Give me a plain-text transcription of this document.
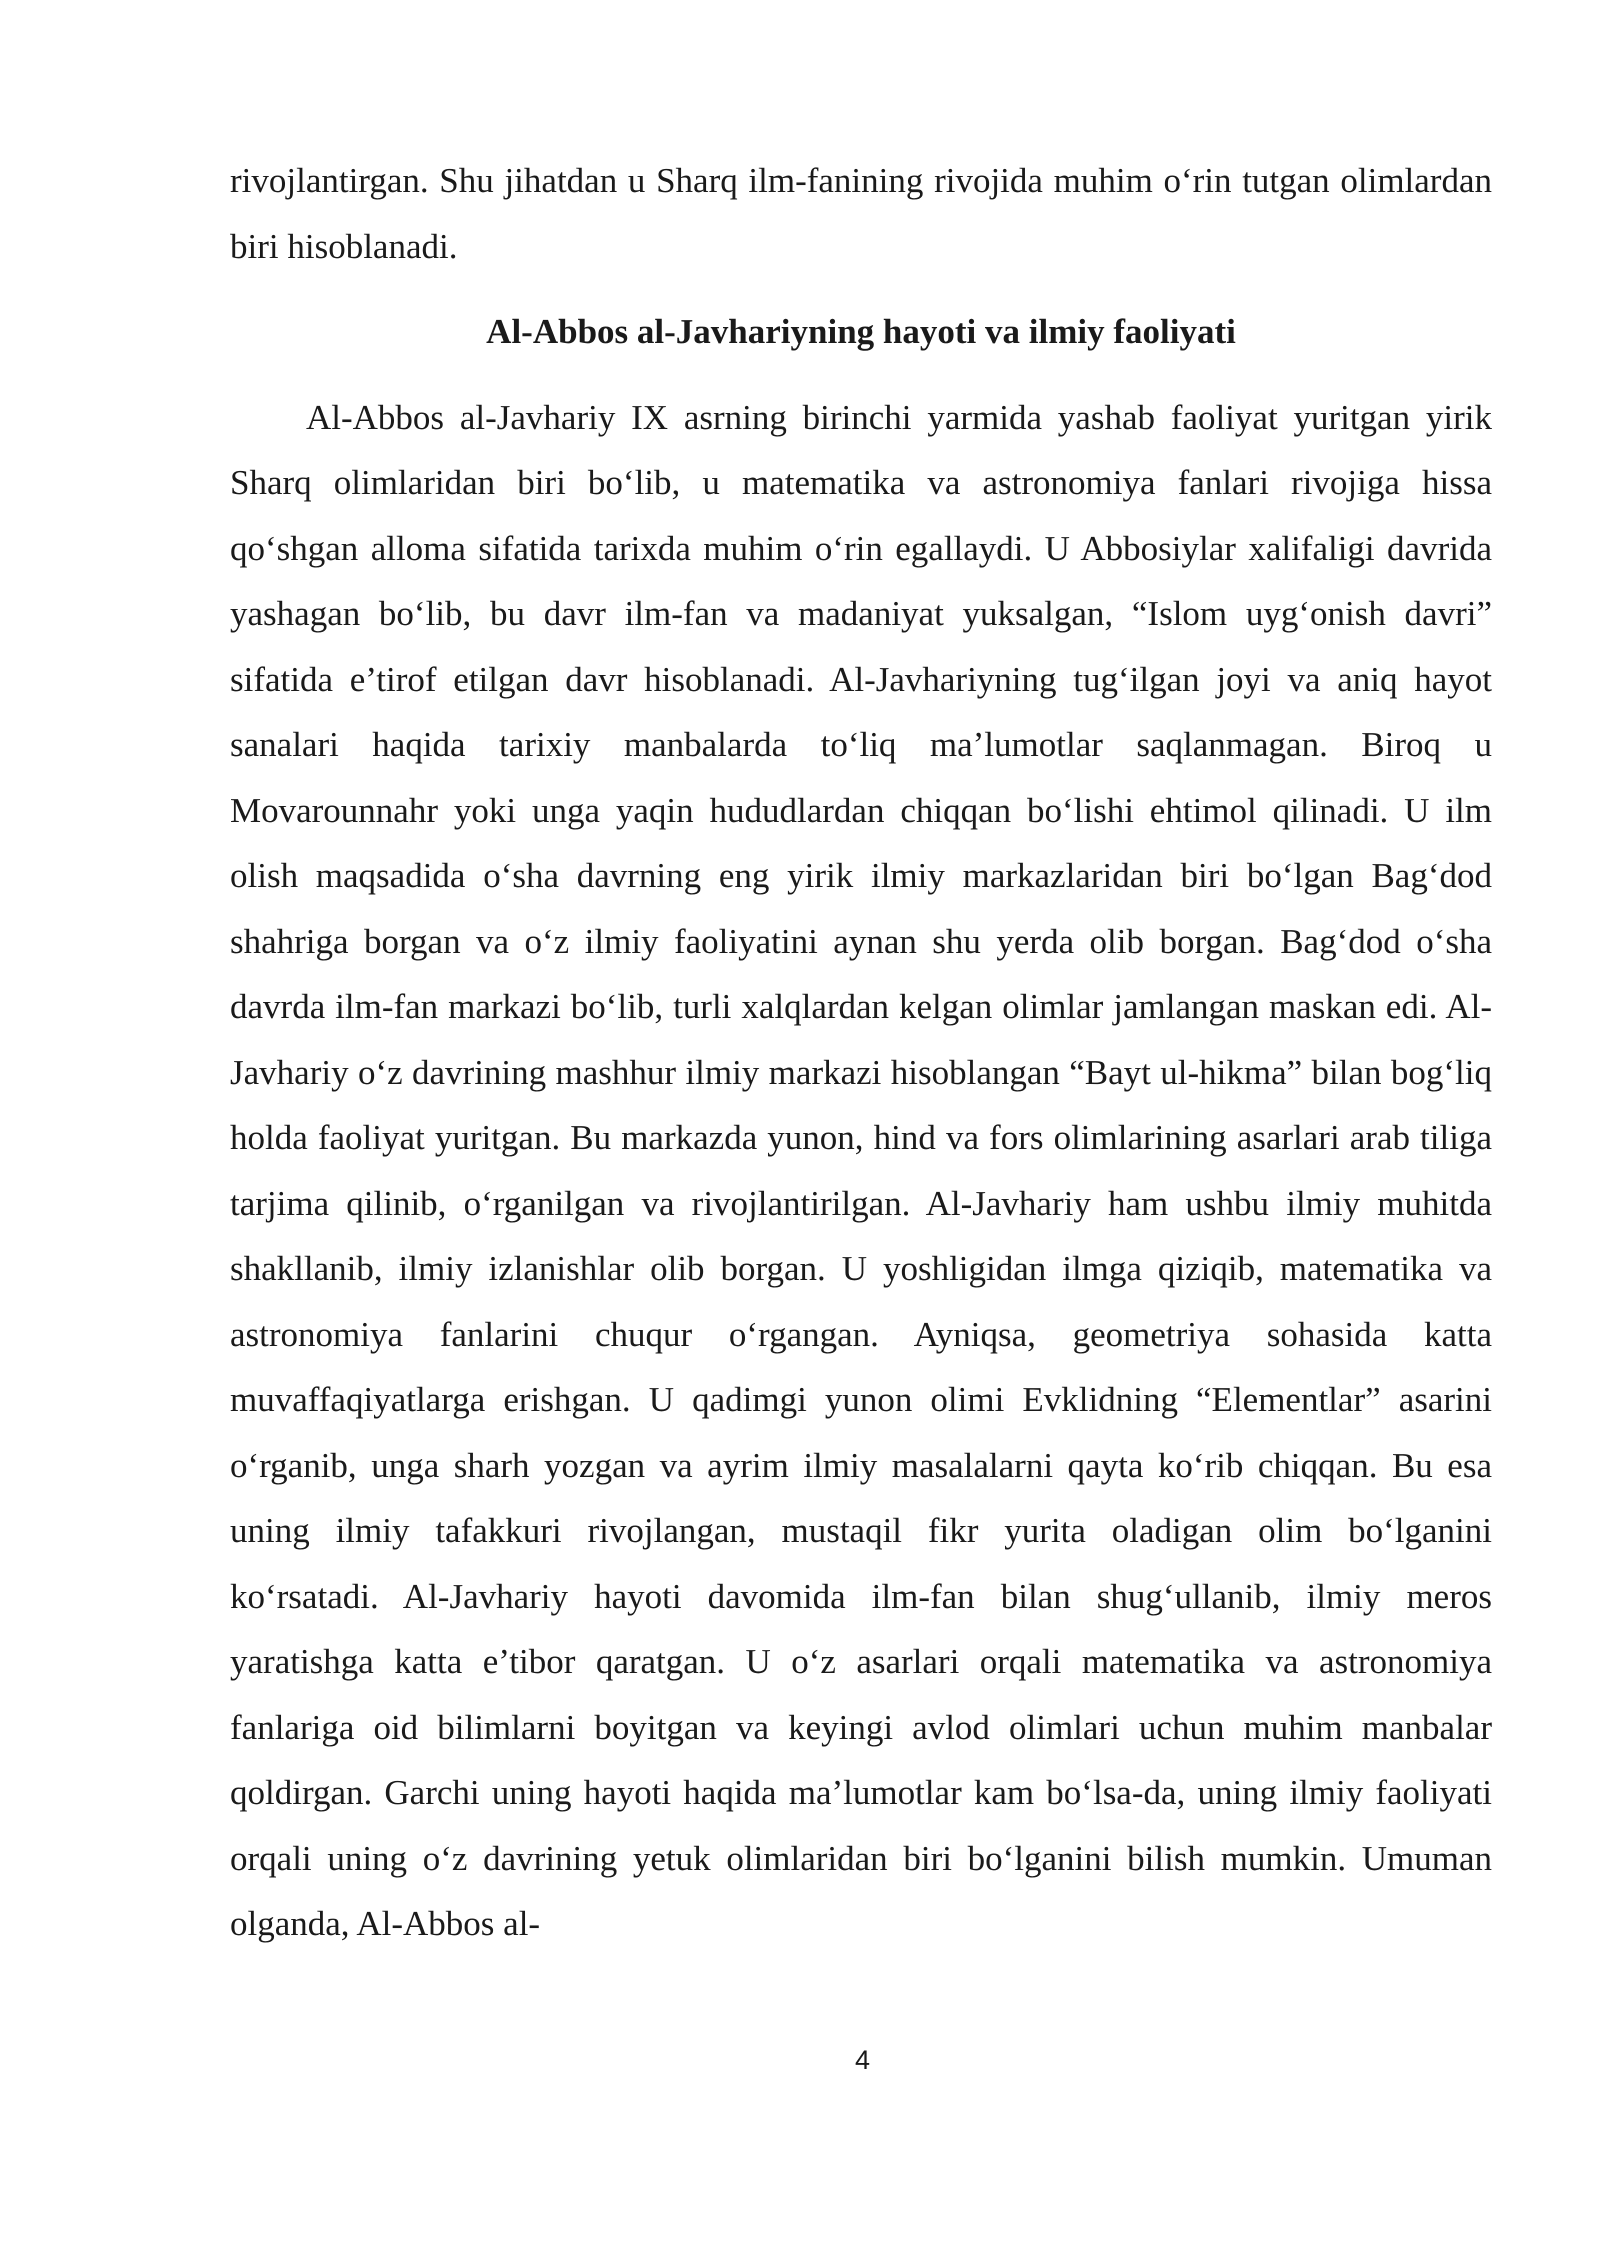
rivojlantirgan. Shu jihatdan u Sharq ilm-fanining rivojida muhim o‘rin tutgan olimlardan biri hisoblanadi.

Al-Abbos al-Javhariyning hayoti va ilmiy faoliyati

Al-Abbos al-Javhariy IX asrning birinchi yarmida yashab faoliyat yuritgan yirik Sharq olimlaridan biri bo‘lib, u matematika va astronomiya fanlari rivojiga hissa qo‘shgan alloma sifatida tarixda muhim o‘rin egallaydi. U Abbosiylar xalifaligi davrida yashagan bo‘lib, bu davr ilm-fan va madaniyat yuksalgan, “Islom uyg‘onish davri” sifatida e’tirof etilgan davr hisoblanadi. Al-Javhariyning tug‘ilgan joyi va aniq hayot sanalari haqida tarixiy manbalarda to‘liq ma’lumotlar saqlanmagan. Biroq u Movarounnahr yoki unga yaqin hududlardan chiqqan bo‘lishi ehtimol qilinadi. U ilm olish maqsadida o‘sha davrning eng yirik ilmiy markazlaridan biri bo‘lgan Bag‘dod shahriga borgan va o‘z ilmiy faoliyatini aynan shu yerda olib borgan. Bag‘dod o‘sha davrda ilm-fan markazi bo‘lib, turli xalqlardan kelgan olimlar jamlangan maskan edi. Al-Javhariy o‘z davrining mashhur ilmiy markazi hisoblangan “Bayt ul-hikma” bilan bog‘liq holda faoliyat yuritgan. Bu markazda yunon, hind va fors olimlarining asarlari arab tiliga tarjima qilinib, o‘rganilgan va rivojlantirilgan. Al-Javhariy ham ushbu ilmiy muhitda shakllanib, ilmiy izlanishlar olib borgan. U yoshligidan ilmga qiziqib, matematika va astronomiya fanlarini chuqur o‘rgangan. Ayniqsa, geometriya sohasida katta muvaffaqiyatlarga erishgan. U qadimgi yunon olimi Evklidning “Elementlar” asarini o‘rganib, unga sharh yozgan va ayrim ilmiy masalalarni qayta ko‘rib chiqqan. Bu esa uning ilmiy tafakkuri rivojlangan, mustaqil fikr yurita oladigan olim bo‘lganini ko‘rsatadi. Al-Javhariy hayoti davomida ilm-fan bilan shug‘ullanib, ilmiy meros yaratishga katta e’tibor qaratgan. U o‘z asarlari orqali matematika va astronomiya fanlariga oid bilimlarni boyitgan va keyingi avlod olimlari uchun muhim manbalar qoldirgan. Garchi uning hayoti haqida ma’lumotlar kam bo‘lsa-da, uning ilmiy faoliyati orqali uning o‘z davrining yetuk olimlaridan biri bo‘lganini bilish mumkin. Umuman olganda, Al-Abbos al-

4
